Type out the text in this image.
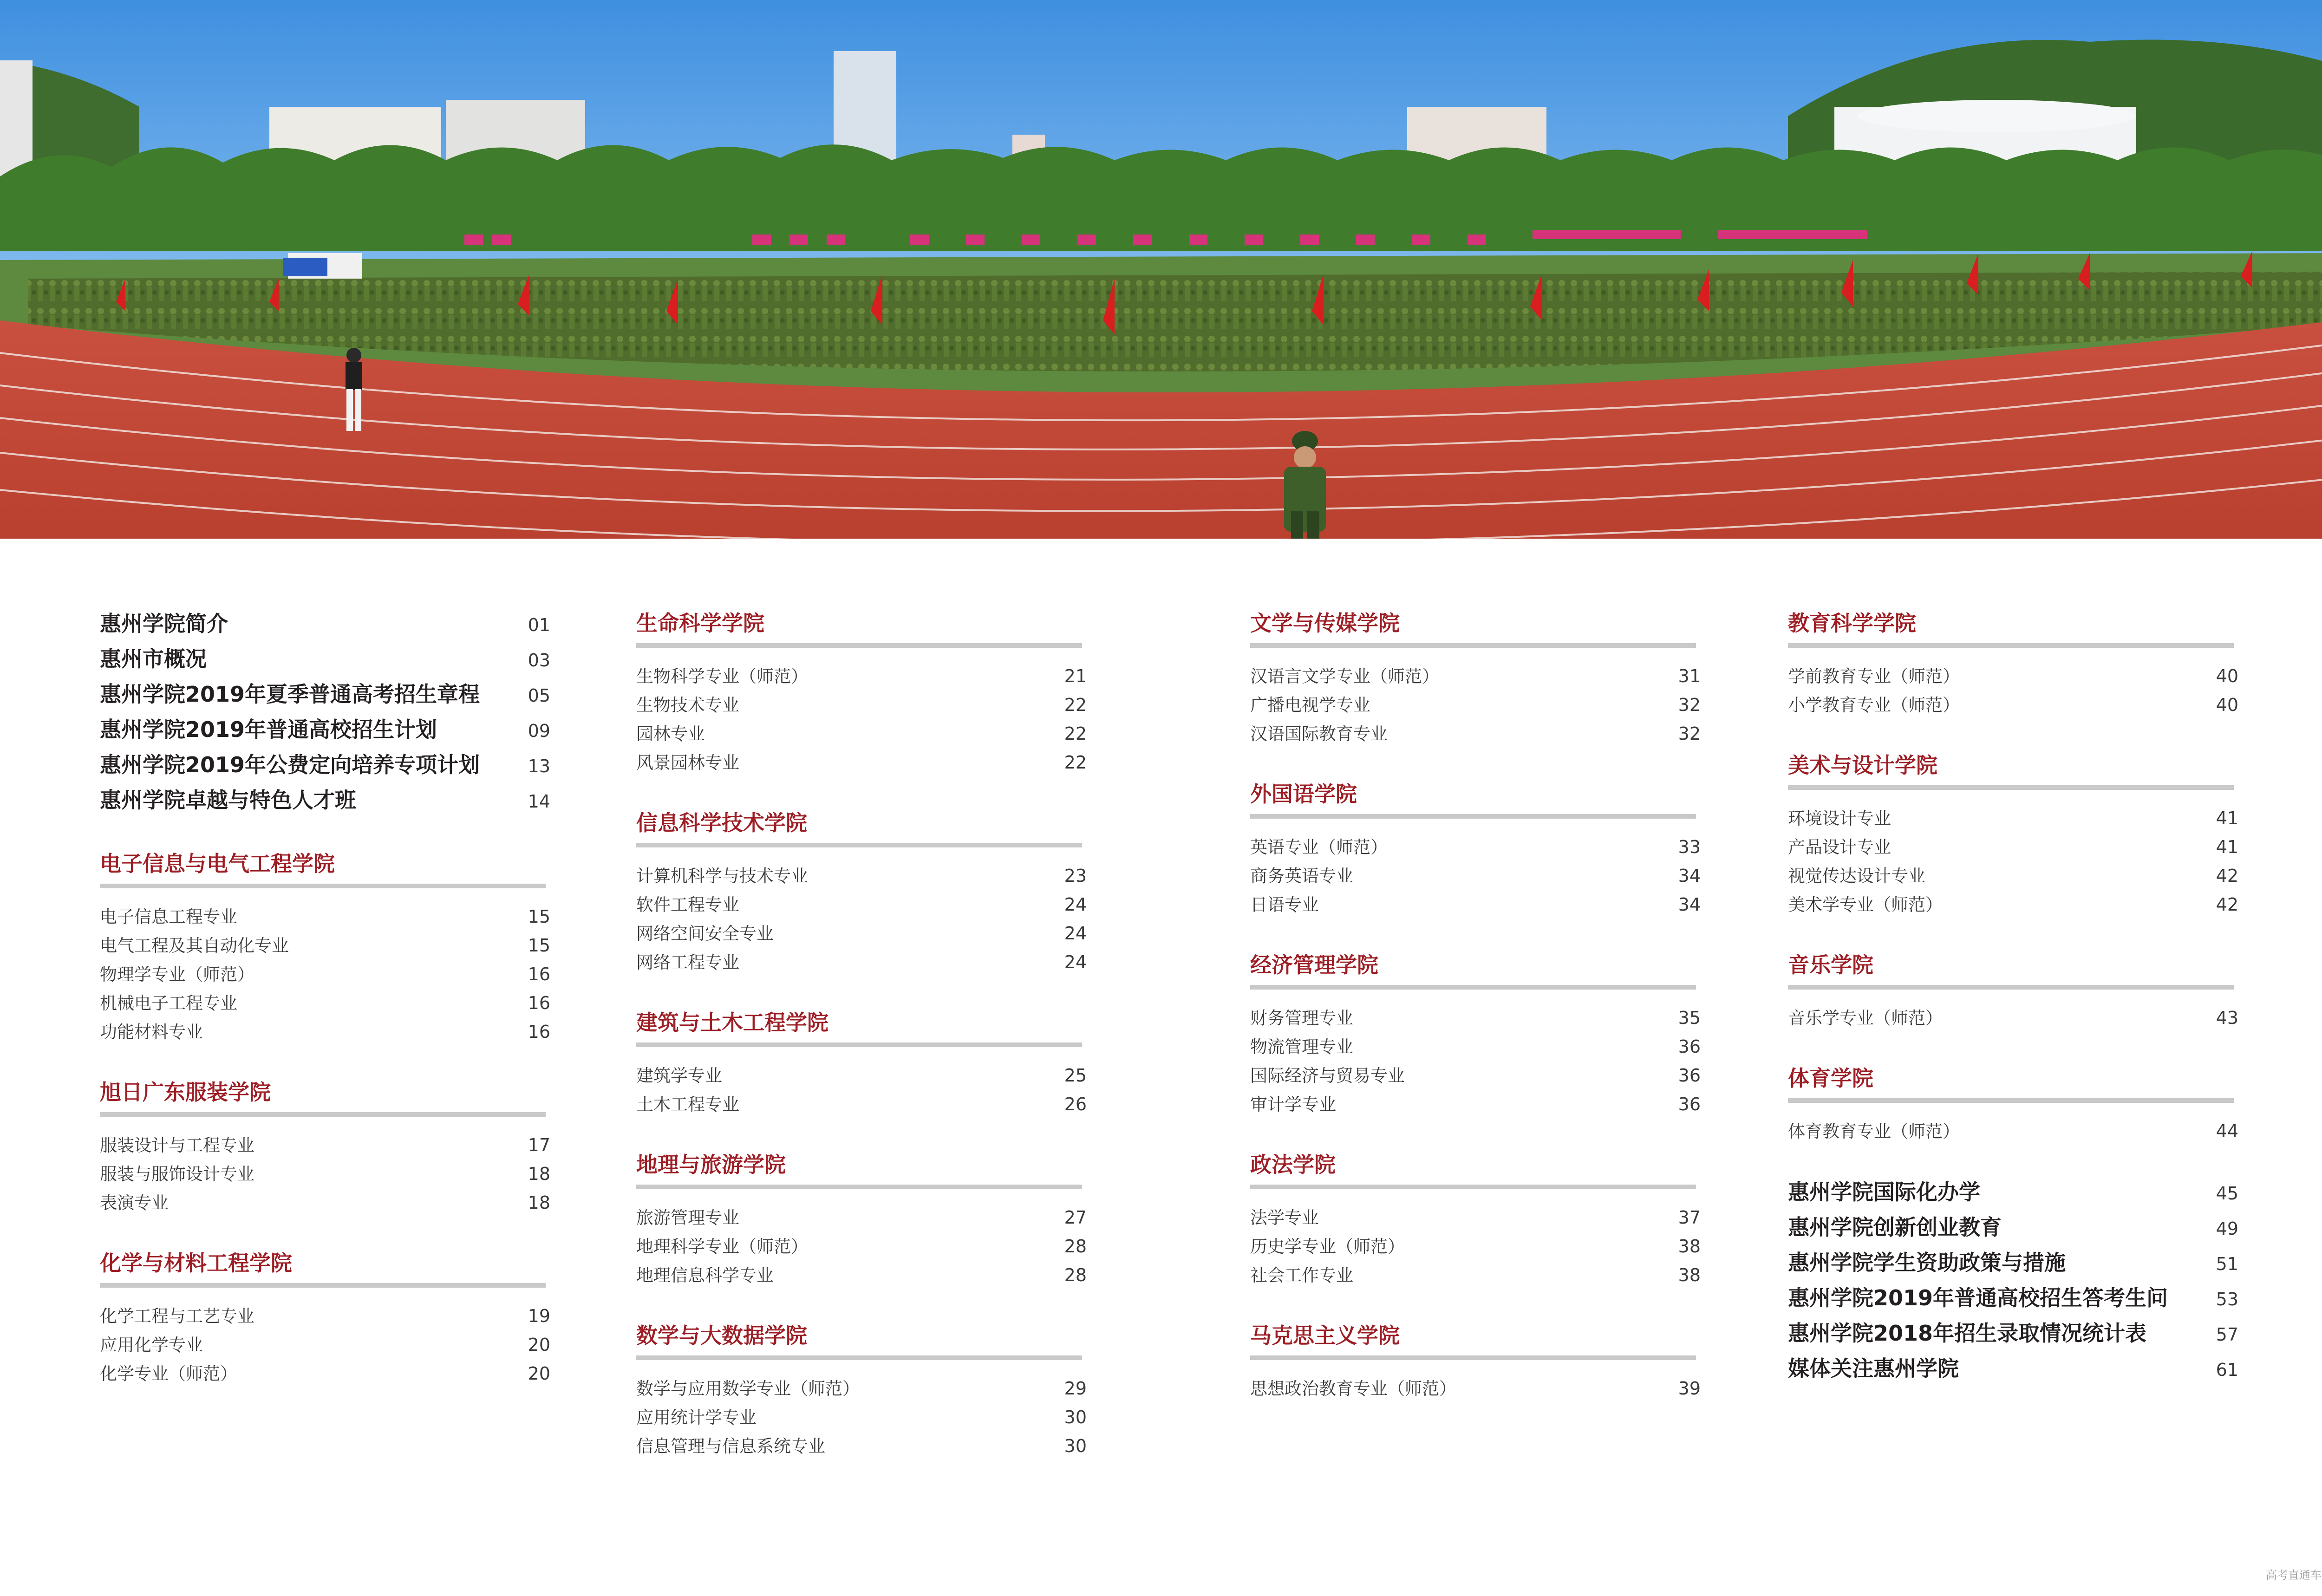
惠州学院简介	01
惠州市概况	03
惠州学院2019年夏季普通高考招生章程	05
惠州学院2019年普通高校招生计划	09
惠州学院2019年公费定向培养专项计划	13
惠州学院卓越与特色人才班	14
电子信息与电气工程学院
电子信息工程专业	15
电气工程及其自动化专业	15
物理学专业（师范）	16
机械电子工程专业	16
功能材料专业	16
旭日广东服装学院
服装设计与工程专业	17
服装与服饰设计专业	18
表演专业	18
化学与材料工程学院
化学工程与工艺专业	19
应用化学专业	20
化学专业（师范）	20
生命科学学院
生物科学专业（师范）	21
生物技术专业	22
园林专业	22
风景园林专业	22
信息科学技术学院
计算机科学与技术专业	23
软件工程专业	24
网络空间安全专业	24
网络工程专业	24
建筑与土木工程学院
建筑学专业	25
土木工程专业	26
地理与旅游学院
旅游管理专业	27
地理科学专业（师范）	28
地理信息科学专业	28
数学与大数据学院
数学与应用数学专业（师范）	29
应用统计学专业	30
信息管理与信息系统专业	30
文学与传媒学院
汉语言文学专业（师范）	31
广播电视学专业	32
汉语国际教育专业	32
外国语学院
英语专业（师范）	33
商务英语专业	34
日语专业	34
经济管理学院
财务管理专业	35
物流管理专业	36
国际经济与贸易专业	36
审计学专业	36
政法学院
法学专业	37
历史学专业（师范）	38
社会工作专业	38
马克思主义学院
思想政治教育专业（师范）	39
教育科学学院
学前教育专业（师范）	40
小学教育专业（师范）	40
美术与设计学院
环境设计专业	41
产品设计专业	41
视觉传达设计专业	42
美术学专业（师范）	42
音乐学院
音乐学专业（师范）	43
体育学院
体育教育专业（师范）	44
惠州学院国际化办学	45
惠州学院创新创业教育	49
惠州学院学生资助政策与措施	51
惠州学院2019年普通高校招生答考生问	53
惠州学院2018年招生录取情况统计表	57
媒体关注惠州学院	61
高考直通车
